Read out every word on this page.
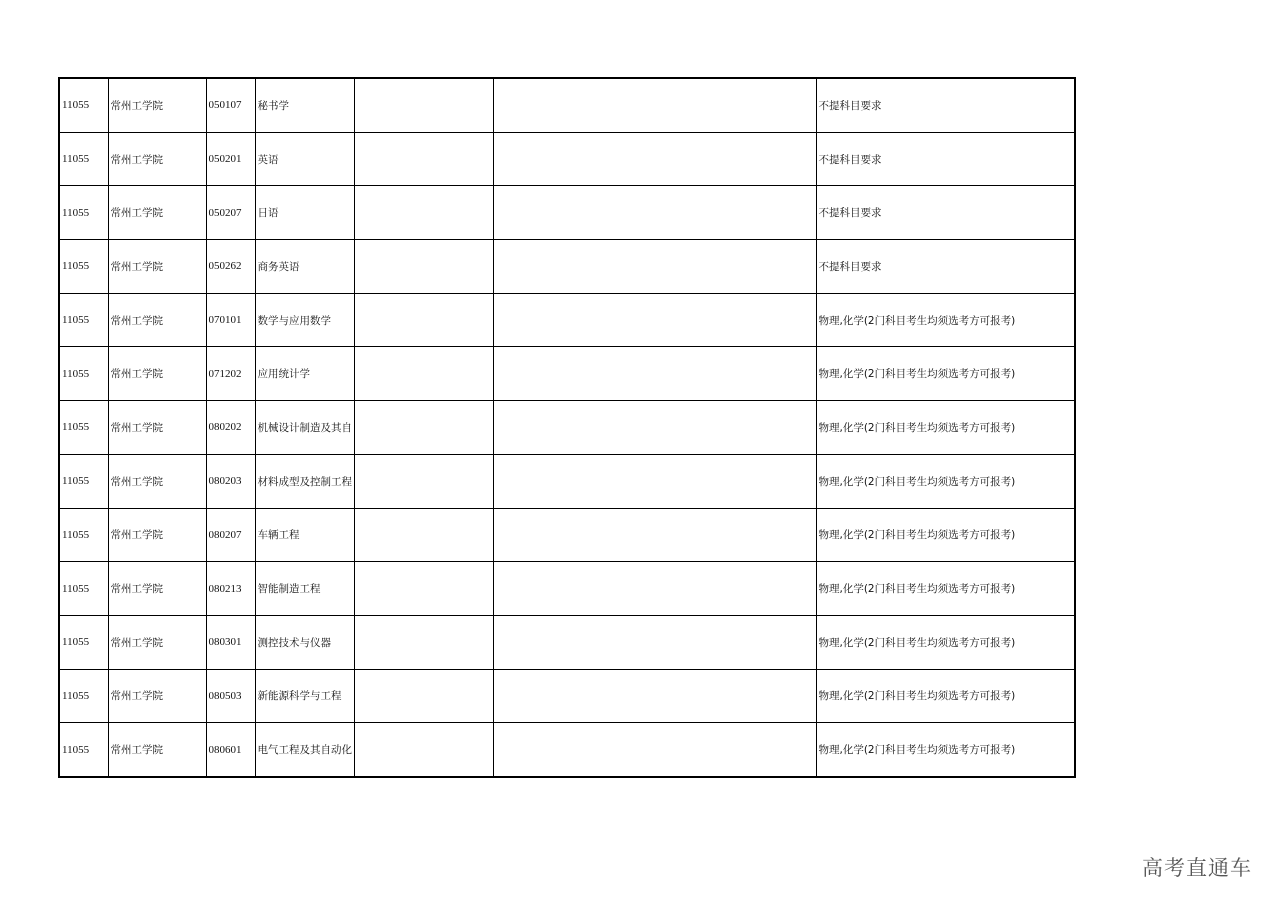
11055	常州工学院	050107	秘书学			不提科目要求
11055	常州工学院	050201	英语			不提科目要求
11055	常州工学院	050207	日语			不提科目要求
11055	常州工学院	050262	商务英语			不提科目要求
11055	常州工学院	070101	数学与应用数学			物理,化学(2门科目考生均须选考方可报考)
11055	常州工学院	071202	应用统计学			物理,化学(2门科目考生均须选考方可报考)
11055	常州工学院	080202	机械设计制造及其自			物理,化学(2门科目考生均须选考方可报考)
11055	常州工学院	080203	材料成型及控制工程			物理,化学(2门科目考生均须选考方可报考)
11055	常州工学院	080207	车辆工程			物理,化学(2门科目考生均须选考方可报考)
11055	常州工学院	080213	智能制造工程			物理,化学(2门科目考生均须选考方可报考)
11055	常州工学院	080301	测控技术与仪器			物理,化学(2门科目考生均须选考方可报考)
11055	常州工学院	080503	新能源科学与工程			物理,化学(2门科目考生均须选考方可报考)
11055	常州工学院	080601	电气工程及其自动化			物理,化学(2门科目考生均须选考方可报考)
高考直通车
